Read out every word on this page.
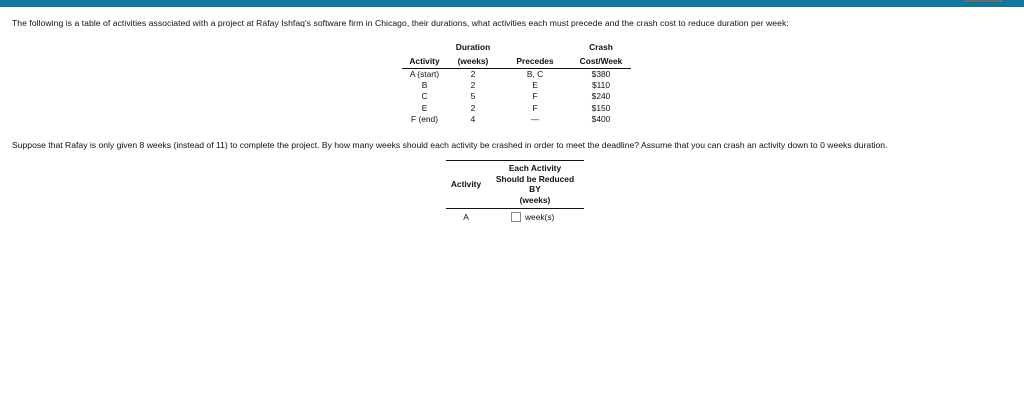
The following is a table of activities associated with a project at Rafay Ishfaq's software firm in Chicago, their durations, what activities each must precede and the crash cost to reduce duration per week:
	Duration		Crash
Activity	(weeks)	Precedes	Cost/Week
A (start)	2	B, C	$380
B	2	E	$110
C	5	F	$240
E	2	F	$150
F (end)	4	—	$400
Suppose that Rafay is only given 8 weeks (instead of 11) to complete the project. By how many weeks should each activity be crashed in order to meet the deadline? Assume that you can crash an activity down to 0 weeks duration.
Activity	Each Activity
Should be Reduced
BY
(weeks)

A	week(s)
